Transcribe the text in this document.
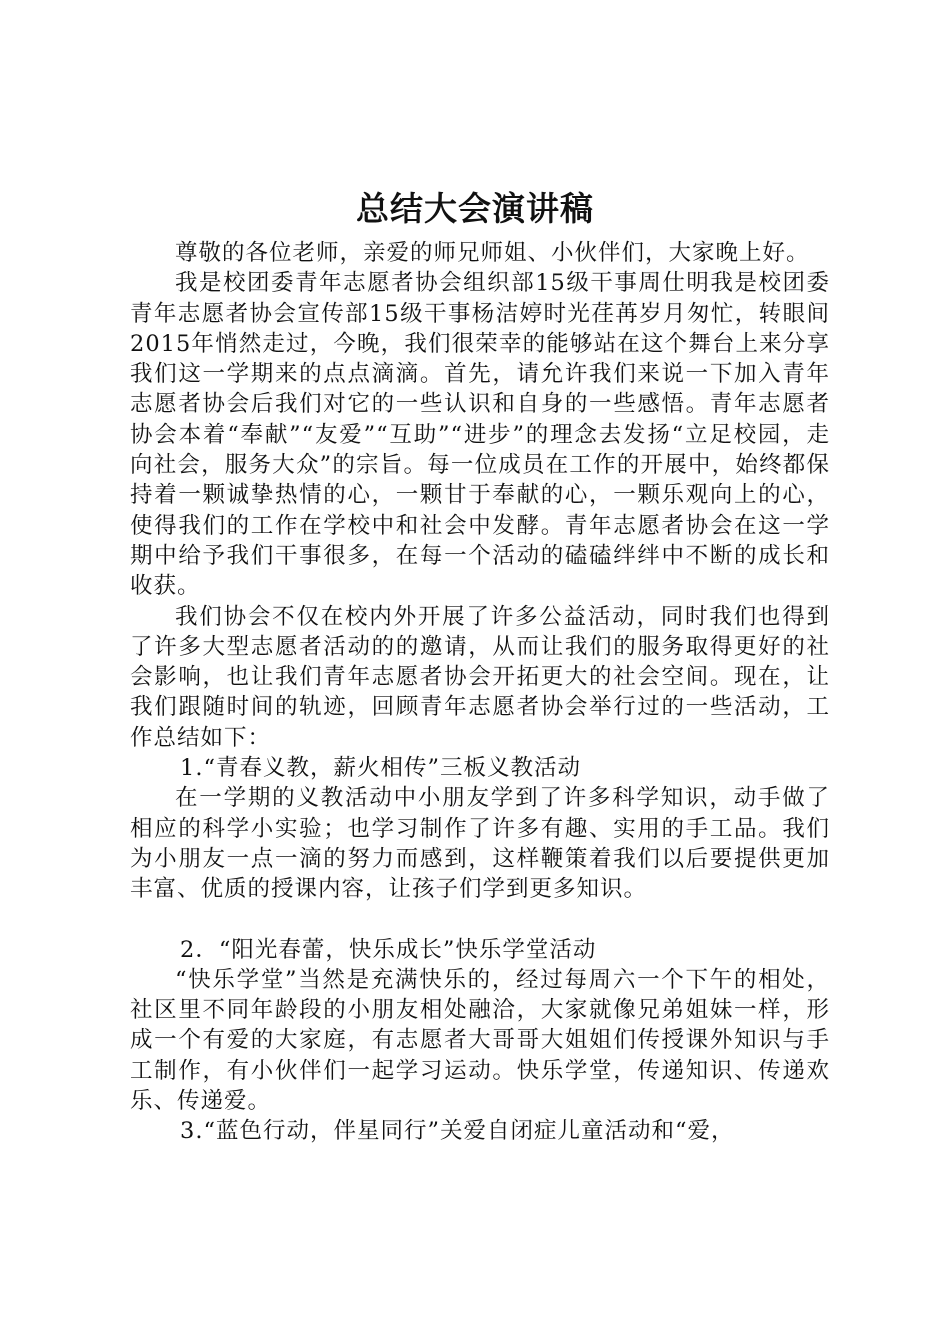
总结大会演讲稿

尊敬的各位老师，亲爱的师兄师姐、小伙伴们，大家晚上好。

我是校团委青年志愿者协会组织部15级干事周仕明我是校团委青年志愿者协会宣传部15级干事杨洁婷时光荏苒岁月匆忙，转眼间2015年悄然走过，今晚，我们很荣幸的能够站在这个舞台上来分享我们这一学期来的点点滴滴。首先，请允许我们来说一下加入青年志愿者协会后我们对它的一些认识和自身的一些感悟。青年志愿者协会本着“奉献”“友爱”“互助”“进步”的理念去发扬“立足校园，走向社会，服务大众”的宗旨。每一位成员在工作的开展中，始终都保持着一颗诚挚热情的心，一颗甘于奉献的心，一颗乐观向上的心，使得我们的工作在学校中和社会中发酵。青年志愿者协会在这一学期中给予我们干事很多，在每一个活动的磕磕绊绊中不断的成长和收获。

我们协会不仅在校内外开展了许多公益活动，同时我们也得到了许多大型志愿者活动的的邀请，从而让我们的服务取得更好的社会影响，也让我们青年志愿者协会开拓更大的社会空间。现在，让我们跟随时间的轨迹，回顾青年志愿者协会举行过的一些活动，工作总结如下：

1.“青春义教，薪火相传”三板义教活动

在一学期的义教活动中小朋友学到了许多科学知识，动手做了相应的科学小实验；也学习制作了许多有趣、实用的手工品。我们为小朋友一点一滴的努力而感到，这样鞭策着我们以后要提供更加丰富、优质的授课内容，让孩子们学到更多知识。

2．“阳光春蕾，快乐成长”快乐学堂活动

“快乐学堂”当然是充满快乐的，经过每周六一个下午的相处，社区里不同年龄段的小朋友相处融洽，大家就像兄弟姐妹一样，形成一个有爱的大家庭，有志愿者大哥哥大姐姐们传授课外知识与手工制作，有小伙伴们一起学习运动。快乐学堂，传递知识、传递欢乐、传递爱。

3.“蓝色行动，伴星同行”关爱自闭症儿童活动和“爱，
